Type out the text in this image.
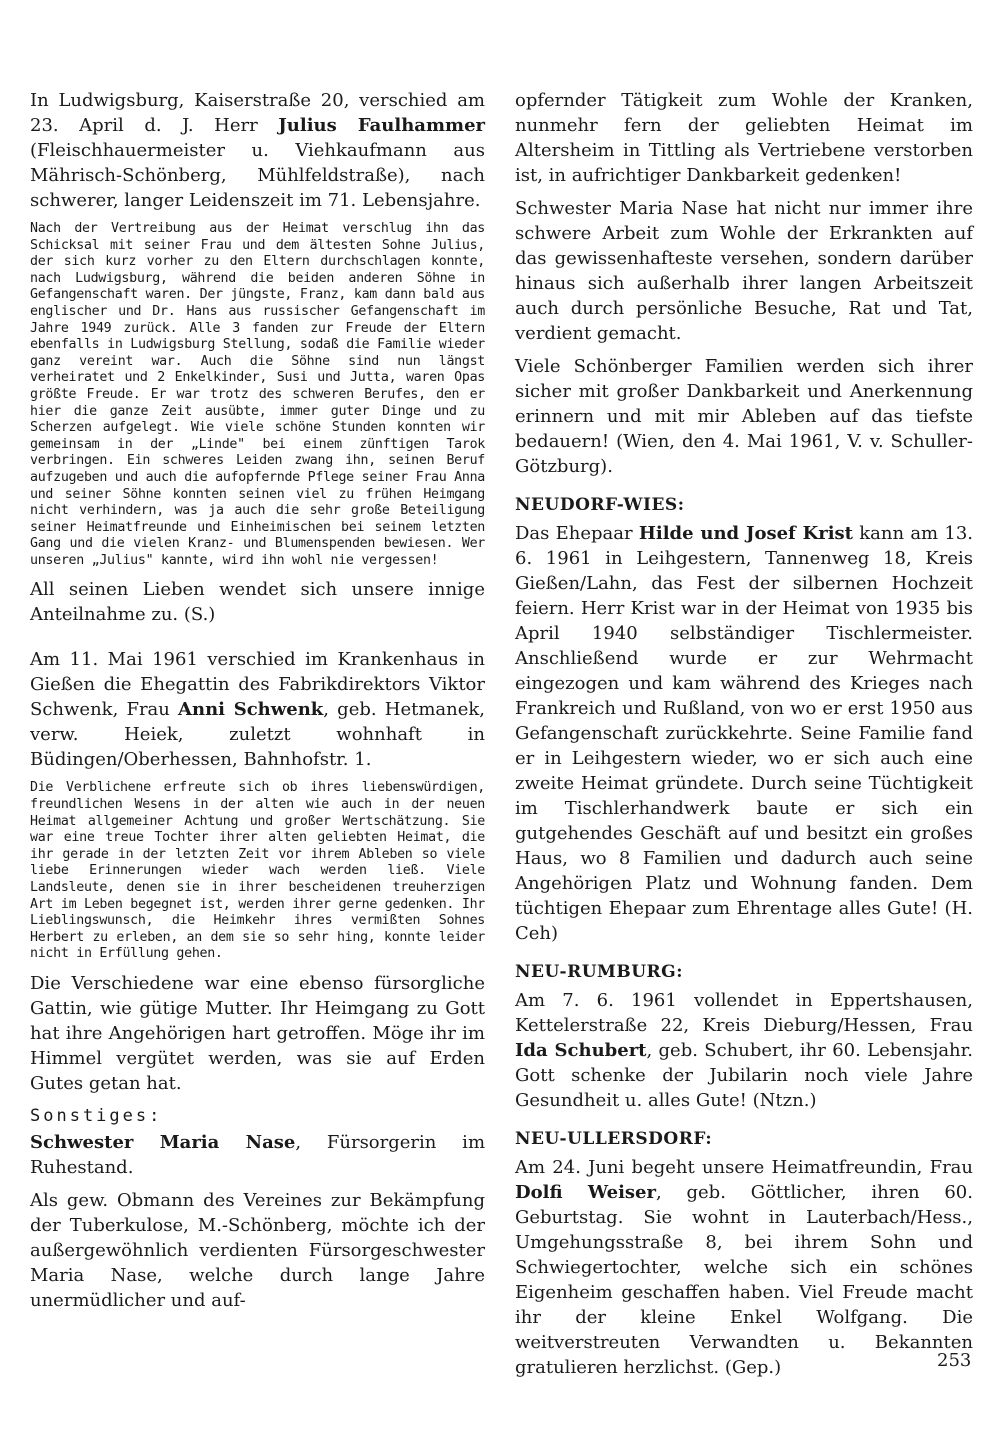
In Ludwigsburg, Kaiserstraße 20, verschied am 23. April d. J. Herr Julius Faulhammer (Fleischhauermeister u. Viehkaufmann aus Mährisch-Schönberg, Mühlfeldstraße), nach schwerer, langer Leidenszeit im 71. Lebensjahre.

Nach der Vertreibung aus der Heimat verschlug ihn das Schicksal mit seiner Frau und dem ältesten Sohne Julius, der sich kurz vorher zu den Eltern durchschlagen konnte, nach Ludwigsburg, während die beiden anderen Söhne in Gefangenschaft waren. Der jüngste, Franz, kam dann bald aus englischer und Dr. Hans aus russischer Gefangenschaft im Jahre 1949 zurück. Alle 3 fanden zur Freude der Eltern ebenfalls in Ludwigsburg Stellung, sodaß die Familie wieder ganz vereint war. Auch die Söhne sind nun längst verheiratet und 2 Enkelkinder, Susi und Jutta, waren Opas größte Freude. Er war trotz des schweren Berufes, den er hier die ganze Zeit ausübte, immer guter Dinge und zu Scherzen aufgelegt. Wie viele schöne Stunden konnten wir gemeinsam in der „Linde" bei einem zünftigen Tarok verbringen. Ein schweres Leiden zwang ihn, seinen Beruf aufzugeben und auch die aufopfernde Pflege seiner Frau Anna und seiner Söhne konnten seinen viel zu frühen Heimgang nicht verhindern, was ja auch die sehr große Beteiligung seiner Heimatfreunde und Einheimischen bei seinem letzten Gang und die vielen Kranz- und Blumenspenden bewiesen. Wer unseren „Julius" kannte, wird ihn wohl nie vergessen!

All seinen Lieben wendet sich unsere innige Anteilnahme zu. (S.)

Am 11. Mai 1961 verschied im Krankenhaus in Gießen die Ehegattin des Fabrikdirektors Viktor Schwenk, Frau Anni Schwenk, geb. Hetmanek, verw. Heiek, zuletzt wohnhaft in Büdingen/Oberhessen, Bahnhofstr. 1.

Die Verblichene erfreute sich ob ihres liebenswürdigen, freundlichen Wesens in der alten wie auch in der neuen Heimat allgemeiner Achtung und großer Wertschätzung. Sie war eine treue Tochter ihrer alten geliebten Heimat, die ihr gerade in der letzten Zeit vor ihrem Ableben so viele liebe Erinnerungen wieder wach werden ließ. Viele Landsleute, denen sie in ihrer bescheidenen treuherzigen Art im Leben begegnet ist, werden ihrer gerne gedenken. Ihr Lieblingswunsch, die Heimkehr ihres vermißten Sohnes Herbert zu erleben, an dem sie so sehr hing, konnte leider nicht in Erfüllung gehen.

Die Verschiedene war eine ebenso fürsorgliche Gattin, wie gütige Mutter. Ihr Heimgang zu Gott hat ihre Angehörigen hart getroffen. Möge ihr im Himmel vergütet werden, was sie auf Erden Gutes getan hat.

Sonstiges:

Schwester Maria Nase, Fürsorgerin im Ruhestand.

Als gew. Obmann des Vereines zur Bekämpfung der Tuberkulose, M.-Schönberg, möchte ich der außergewöhnlich verdienten Fürsorgeschwester Maria Nase, welche durch lange Jahre unermüdlicher und auf-

opfernder Tätigkeit zum Wohle der Kranken, nunmehr fern der geliebten Heimat im Altersheim in Tittling als Vertriebene verstorben ist, in aufrichtiger Dankbarkeit gedenken!

Schwester Maria Nase hat nicht nur immer ihre schwere Arbeit zum Wohle der Erkrankten auf das gewissenhafteste versehen, sondern darüber hinaus sich außerhalb ihrer langen Arbeitszeit auch durch persönliche Besuche, Rat und Tat, verdient gemacht.

Viele Schönberger Familien werden sich ihrer sicher mit großer Dankbarkeit und Anerkennung erinnern und mit mir Ableben auf das tiefste bedauern! (Wien, den 4. Mai 1961, V. v. Schuller-Götzburg).

NEUDORF-WIES:

Das Ehepaar Hilde und Josef Krist kann am 13. 6. 1961 in Leihgestern, Tannenweg 18, Kreis Gießen/Lahn, das Fest der silbernen Hochzeit feiern. Herr Krist war in der Heimat von 1935 bis April 1940 selbständiger Tischlermeister. Anschließend wurde er zur Wehrmacht eingezogen und kam während des Krieges nach Frankreich und Rußland, von wo er erst 1950 aus Gefangenschaft zurückkehrte. Seine Familie fand er in Leihgestern wieder, wo er sich auch eine zweite Heimat gründete. Durch seine Tüchtigkeit im Tischlerhandwerk baute er sich ein gutgehendes Geschäft auf und besitzt ein großes Haus, wo 8 Familien und dadurch auch seine Angehörigen Platz und Wohnung fanden. Dem tüchtigen Ehepaar zum Ehrentage alles Gute! (H. Ceh)

NEU-RUMBURG:

Am 7. 6. 1961 vollendet in Eppertshausen, Kettelerstraße 22, Kreis Dieburg/Hessen, Frau Ida Schubert, geb. Schubert, ihr 60. Lebensjahr. Gott schenke der Jubilarin noch viele Jahre Gesundheit u. alles Gute! (Ntzn.)

NEU-ULLERSDORF:

Am 24. Juni begeht unsere Heimatfreundin, Frau Dolfi Weiser, geb. Göttlicher, ihren 60. Geburtstag. Sie wohnt in Lauterbach/Hess., Umgehungsstraße 8, bei ihrem Sohn und Schwiegertochter, welche sich ein schönes Eigenheim geschaffen haben. Viel Freude macht ihr der kleine Enkel Wolfgang. Die weitverstreuten Verwandten u. Bekannten gratulieren herzlichst. (Gep.)	253
